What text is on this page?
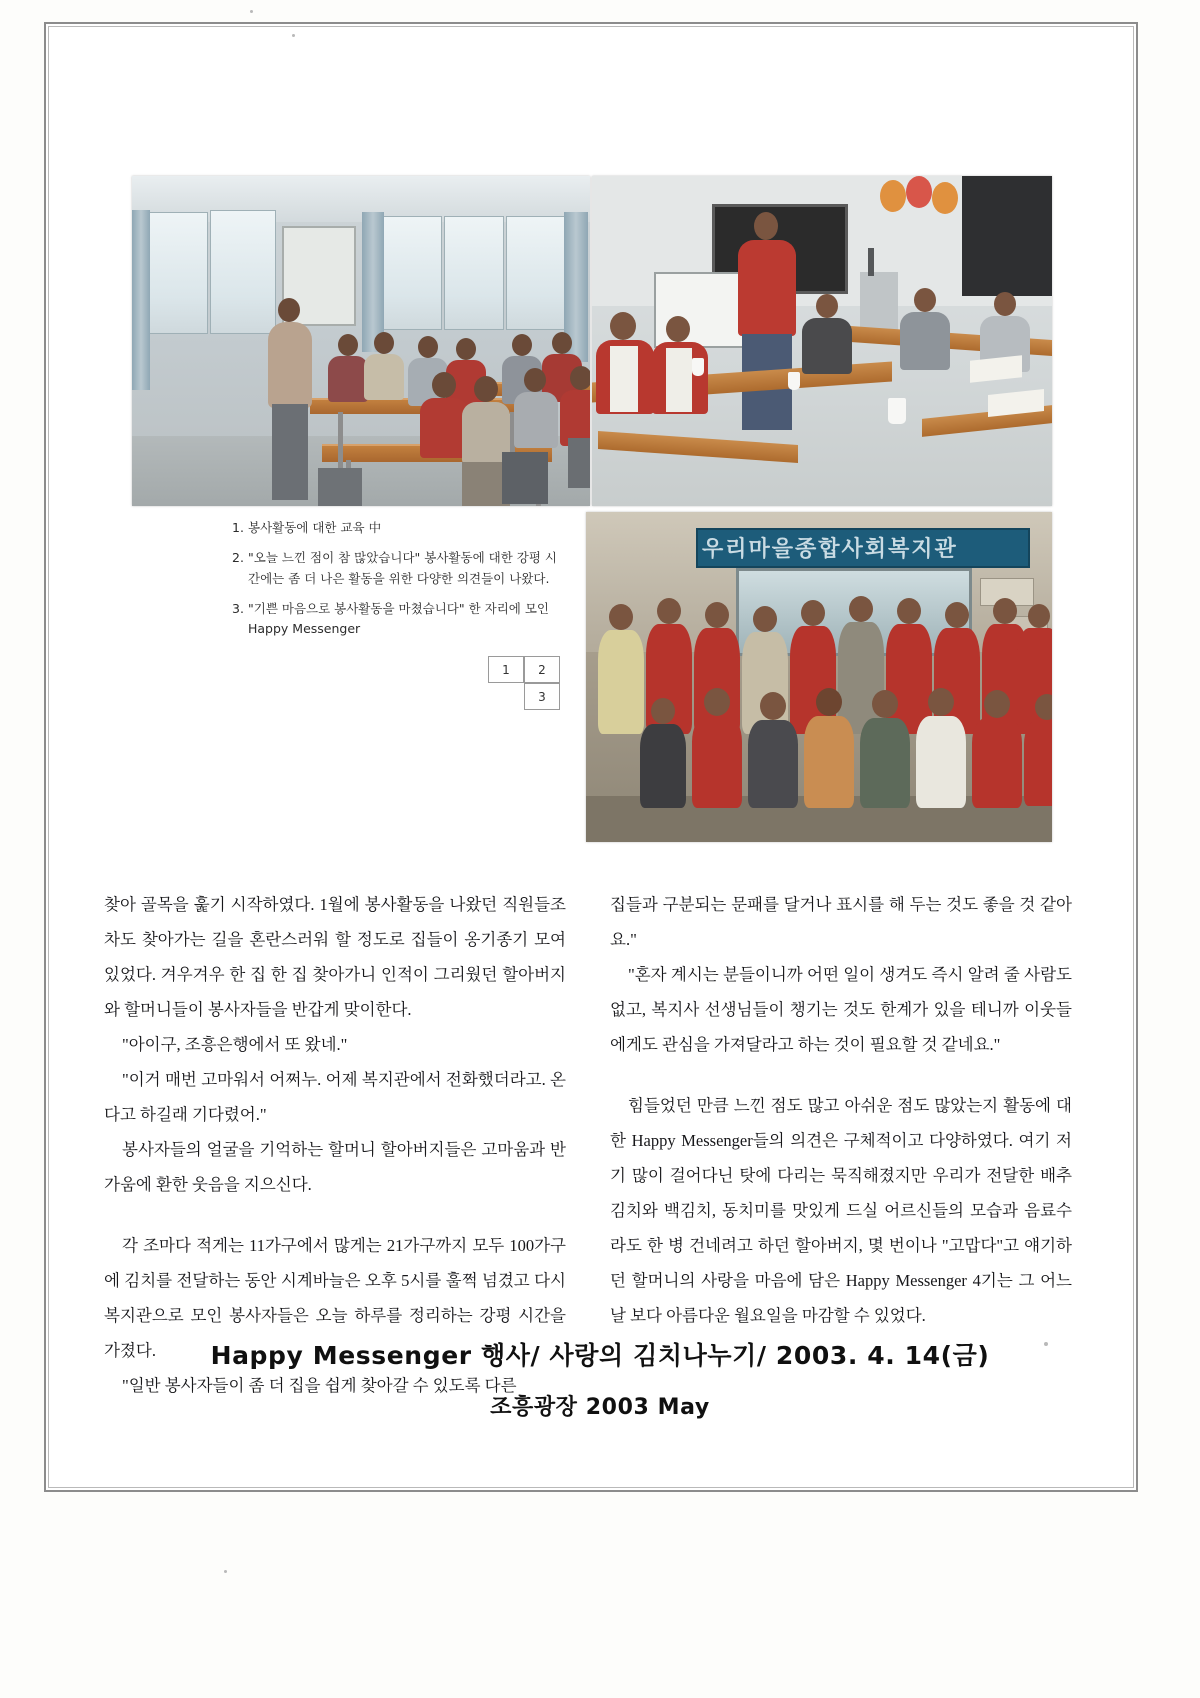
우리마을종합사회복지관
1. 봉사활동에 대한 교육 中
2. "오늘 느낀 점이 참 많았습니다" 봉사활동에 대한 강평 시간에는 좀 더 나은 활동을 위한 다양한 의견들이 나왔다.
3. "기쁜 마음으로 봉사활동을 마쳤습니다" 한 자리에 모인
Happy Messenger
1	2
3

찾아 골목을 훑기 시작하였다. 1월에 봉사활동을 나왔던 직원들조차도 찾아가는 길을 혼란스러워 할 정도로 집들이 옹기종기 모여있었다. 겨우겨우 한 집 한 집 찾아가니 인적이 그리웠던 할아버지와 할머니들이 봉사자들을 반갑게 맞이한다.

"아이구, 조흥은행에서 또 왔네."

"이거 매번 고마워서 어쩌누. 어제 복지관에서 전화했더라고. 온다고 하길래 기다렸어."

봉사자들의 얼굴을 기억하는 할머니 할아버지들은 고마움과 반가움에 환한 웃음을 지으신다.

각 조마다 적게는 11가구에서 많게는 21가구까지 모두 100가구에 김치를 전달하는 동안 시계바늘은 오후 5시를 훌쩍 넘겼고 다시 복지관으로 모인 봉사자들은 오늘 하루를 정리하는 강평 시간을 가졌다.

"일반 봉사자들이 좀 더 집을 쉽게 찾아갈 수 있도록 다른

집들과 구분되는 문패를 달거나 표시를 해 두는 것도 좋을 것 같아요."

"혼자 계시는 분들이니까 어떤 일이 생겨도 즉시 알려 줄 사람도 없고, 복지사 선생님들이 챙기는 것도 한계가 있을 테니까 이웃들에게도 관심을 가져달라고 하는 것이 필요할 것 같네요."

힘들었던 만큼 느낀 점도 많고 아쉬운 점도 많았는지 활동에 대한 Happy Messenger들의 의견은 구체적이고 다양하였다. 여기 저기 많이 걸어다닌 탓에 다리는 묵직해졌지만 우리가 전달한 배추김치와 백김치, 동치미를 맛있게 드실 어르신들의 모습과 음료수라도 한 병 건네려고 하던 할아버지, 몇 번이나 "고맙다"고 얘기하던 할머니의 사랑을 마음에 담은 Happy Messenger 4기는 그 어느 날 보다 아름다운 월요일을 마감할 수 있었다.

Happy Messenger 행사/ 사랑의 김치나누기/ 2003. 4. 14(금)
조흥광장 2003 May
